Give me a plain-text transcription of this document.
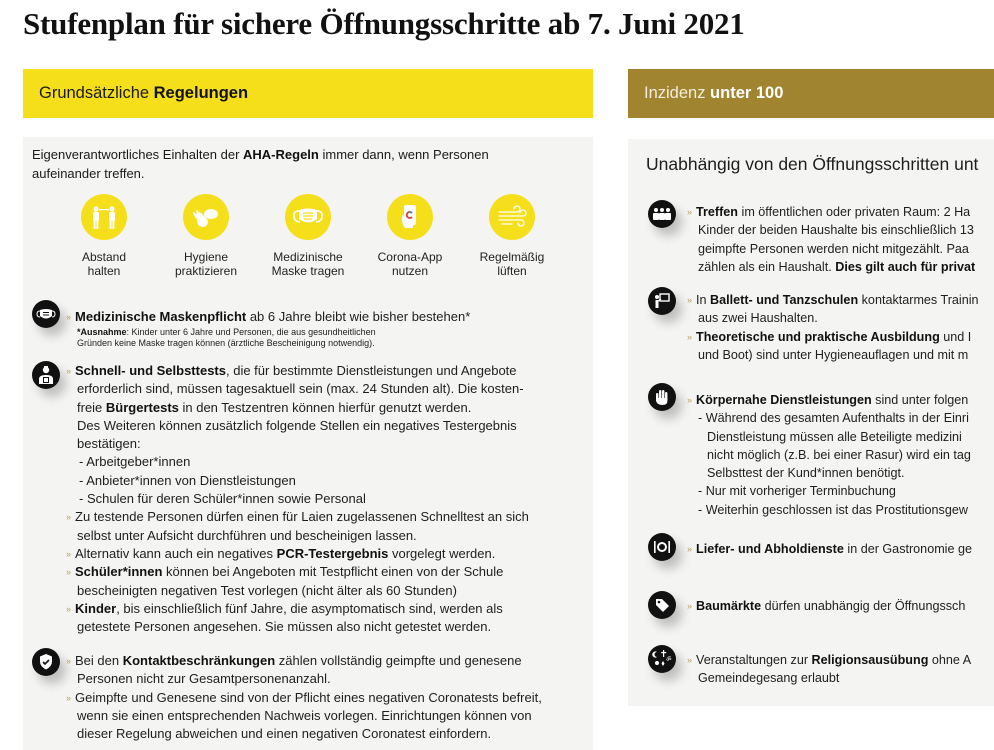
Stufenplan für sichere Öffnungsschritte ab 7. Juni 2021
Grundsätzliche Regelungen	Inzidenz unter 100
Eigenverantwortliches Einhalten der AHA-Regeln immer dann, wenn Personen
aufeinander treffen.
Abstand
halten
Hygiene
praktizieren
Medizinische
Maske tragen
Corona-App
nutzen
Regelmäßig
lüften
» Medizinische Maskenpflicht ab 6 Jahre bleibt wie bisher bestehen*
*Ausnahme: Kinder unter 6 Jahre und Personen, die aus gesundheitlichen
Gründen keine Maske tragen können (ärztliche Bescheinigung notwendig).
» Schnell- und Selbsttests, die für bestimmte Dienstleistungen und Angebote
erforderlich sind, müssen tagesaktuell sein (max. 24 Stunden alt). Die kosten-
freie Bürgertests in den Testzentren können hierfür genutzt werden.
Des Weiteren können zusätzlich folgende Stellen ein negatives Testergebnis
bestätigen:
- Arbeitgeber*innen
- Anbieter*innen von Dienstleistungen
- Schulen für deren Schüler*innen sowie Personal
» Zu testende Personen dürfen einen für Laien zugelassenen Schnelltest an sich
selbst unter Aufsicht durchführen und bescheinigen lassen.
» Alternativ kann auch ein negatives PCR-Testergebnis vorgelegt werden.
» Schüler*innen können bei Angeboten mit Testpflicht einen von der Schule
bescheinigten negativen Test vorlegen (nicht älter als 60 Stunden)
» Kinder, bis einschließlich fünf Jahre, die asymptomatisch sind, werden als
getestete Personen angesehen. Sie müssen also nicht getestet werden.
» Bei den Kontaktbeschränkungen zählen vollständig geimpfte und genesene
Personen nicht zur Gesamtpersonenanzahl.
» Geimpfte und Genesene sind von der Pflicht eines negativen Coronatests befreit,
wenn sie einen entsprechenden Nachweis vorlegen. Einrichtungen können von
dieser Regelung abweichen und einen negativen Coronatest einfordern.
Unabhängig von den Öffnungsschritten unt
» Treffen im öffentlichen oder privaten Raum: 2 Ha
Kinder der beiden Haushalte bis einschließlich 13
geimpfte Personen werden nicht mitgezählt. Paa
zählen als ein Haushalt. Dies gilt auch für privat
» In Ballett- und Tanzschulen kontaktarmes Trainin
aus zwei Haushalten.
» Theoretische und praktische Ausbildung und I
und Boot) sind unter Hygieneauflagen und mit m
» Körpernahe Dienstleistungen sind unter folgen
- Während des gesamten Aufenthalts in der Einri
Dienstleistung müssen alle Beteiligte medizini
nicht möglich (z.B. bei einer Rasur) wird ein tag
Selbsttest der Kund*innen benötigt.
- Nur mit vorheriger Terminbuchung
- Weiterhin geschlossen ist das Prostitutionsgew
» Liefer- und Abholdienste in der Gastronomie ge
» Baumärkte dürfen unabhängig der Öffnungssch
ॐ » Veranstaltungen zur Religionsausübung ohne A
Gemeindegesang erlaubt
